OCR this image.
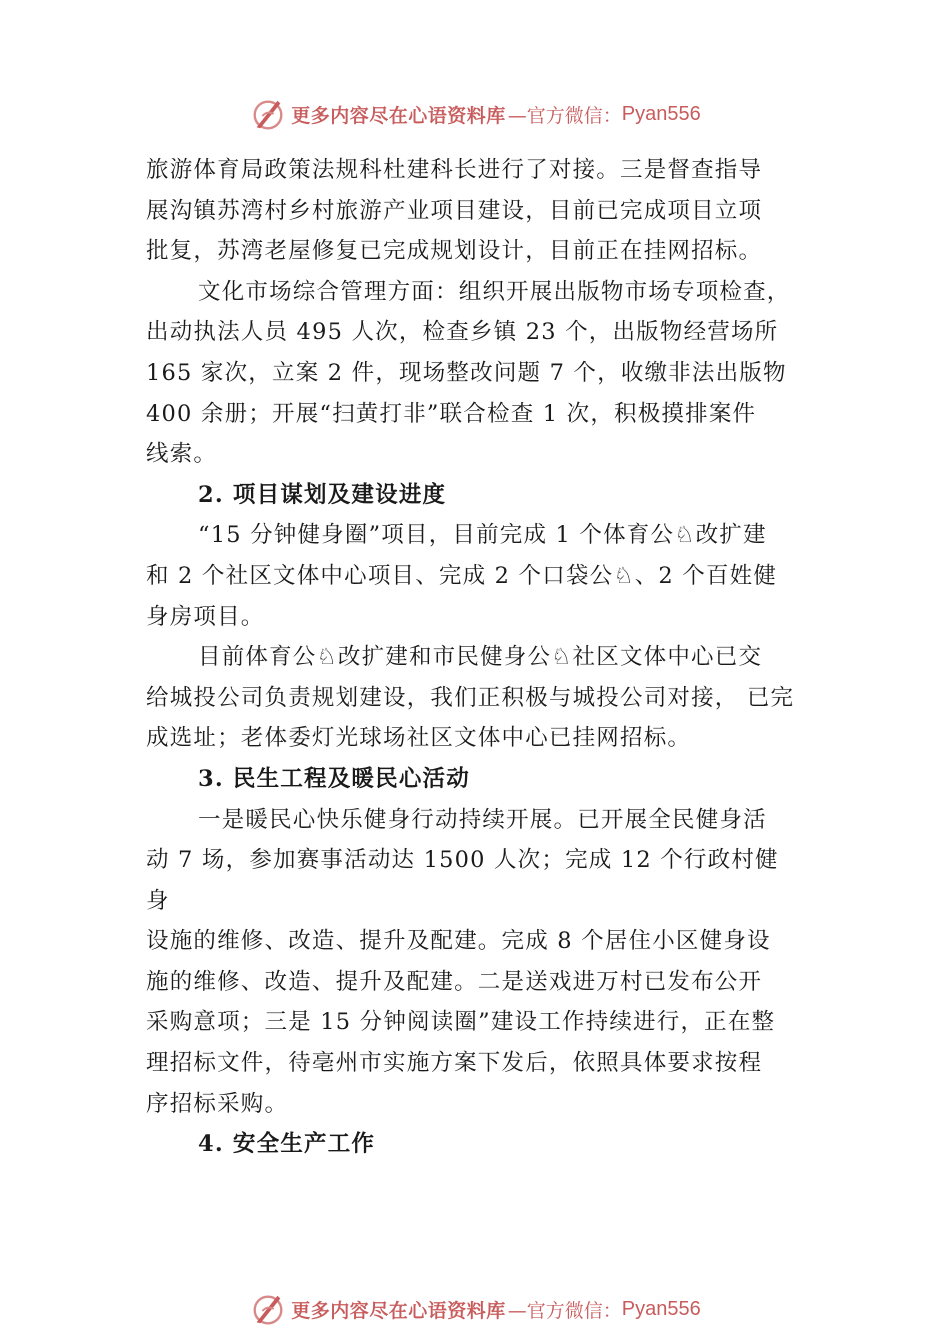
更多内容尽在心语资料库 —官方微信： Pyan556
旅游体育局政策法规科杜建科长进行了对接。三是督查指导
展沟镇苏湾村乡村旅游产业项目建设，目前已完成项目立项
批复，苏湾老屋修复已完成规划设计，目前正在挂网招标。
文化市场综合管理方面：组织开展出版物市场专项检查，
出动执法人员 495 人次，检查乡镇 23 个，出版物经营场所
165 家次，立案 2 件，现场整改问题 7 个，收缴非法出版物
400 余册；开展“扫黄打非”联合检查 1 次，积极摸排案件
线索。
2. 项目谋划及建设进度
“15 分钟健身圈”项目，目前完成 1 个体育公♘改扩建
和 2 个社区文体中心项目、完成 2 个口袋公♘、2 个百姓健
身房项目。
目前体育公♘改扩建和市民健身公♘社区文体中心已交
给城投公司负责规划建设，我们正积极与城投公司对接， 已完
成选址；老体委灯光球场社区文体中心已挂网招标。
3. 民生工程及暖民心活动
一是暖民心快乐健身行动持续开展。已开展全民健身活
动 7 场，参加赛事活动达 1500 人次；完成 12 个行政村健
身
设施的维修、改造、提升及配建。完成 8 个居住小区健身设
施的维修、改造、提升及配建。二是送戏进万村已发布公开
采购意项；三是 15 分钟阅读圈”建设工作持续进行，正在整
理招标文件，待亳州市实施方案下发后，依照具体要求按程
序招标采购。
4. 安全生产工作
更多内容尽在心语资料库 —官方微信： Pyan556
